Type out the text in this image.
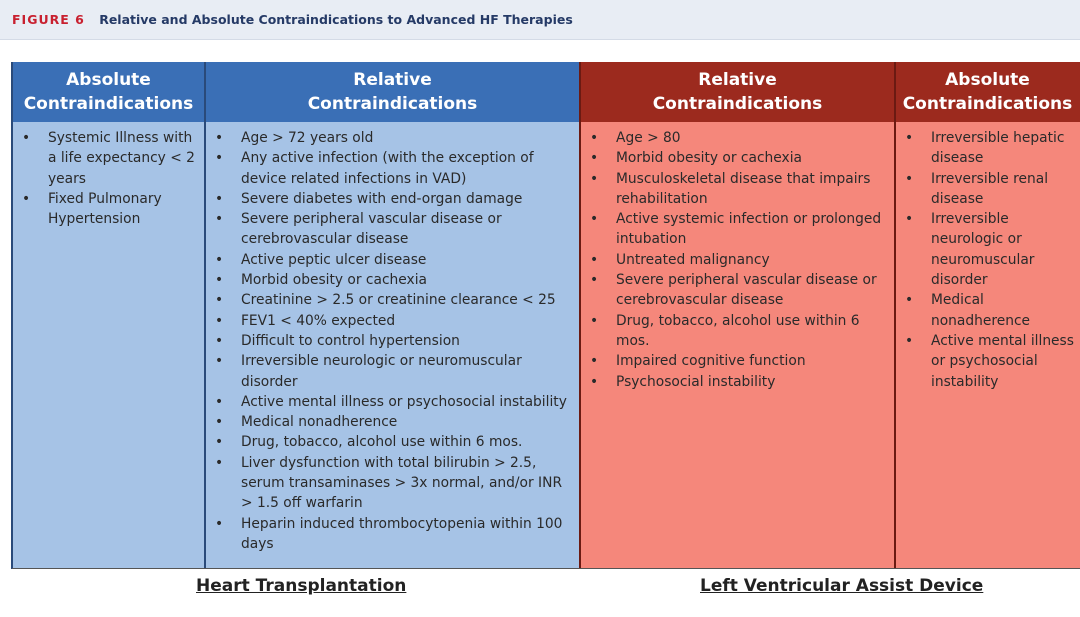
FIGURE 6 Relative and Absolute Contraindications to Advanced HF Therapies
Absolute
Contraindications
• Systemic Illness with a life expectancy < 2 years
• Fixed Pulmonary Hypertension
Relative
Contraindications
• Age > 72 years old
• Any active infection (with the exception of device related infections in VAD)
• Severe diabetes with end-organ damage
• Severe peripheral vascular disease or cerebrovascular disease
• Active peptic ulcer disease
• Morbid obesity or cachexia
• Creatinine > 2.5 or creatinine clearance < 25
• FEV1 < 40% expected
• Difficult to control hypertension
• Irreversible neurologic or neuromuscular disorder
• Active mental illness or psychosocial instability
• Medical nonadherence
• Drug, tobacco, alcohol use within 6 mos.
• Liver dysfunction with total bilirubin > 2.5, serum transaminases > 3x normal, and/or INR > 1.5 off warfarin
• Heparin induced thrombocytopenia within 100 days
Relative
Contraindications
• Age > 80
• Morbid obesity or cachexia
• Musculoskeletal disease that impairs rehabilitation
• Active systemic infection or prolonged intubation
• Untreated malignancy
• Severe peripheral vascular disease or cerebrovascular disease
• Drug, tobacco, alcohol use within 6 mos.
• Impaired cognitive function
• Psychosocial instability
Absolute
Contraindications
• Irreversible hepatic disease
• Irreversible renal disease
• Irreversible neurologic or neuromuscular disorder
• Medical nonadherence
• Active mental illness or psychosocial instability
Heart Transplantation	Left Ventricular Assist Device
